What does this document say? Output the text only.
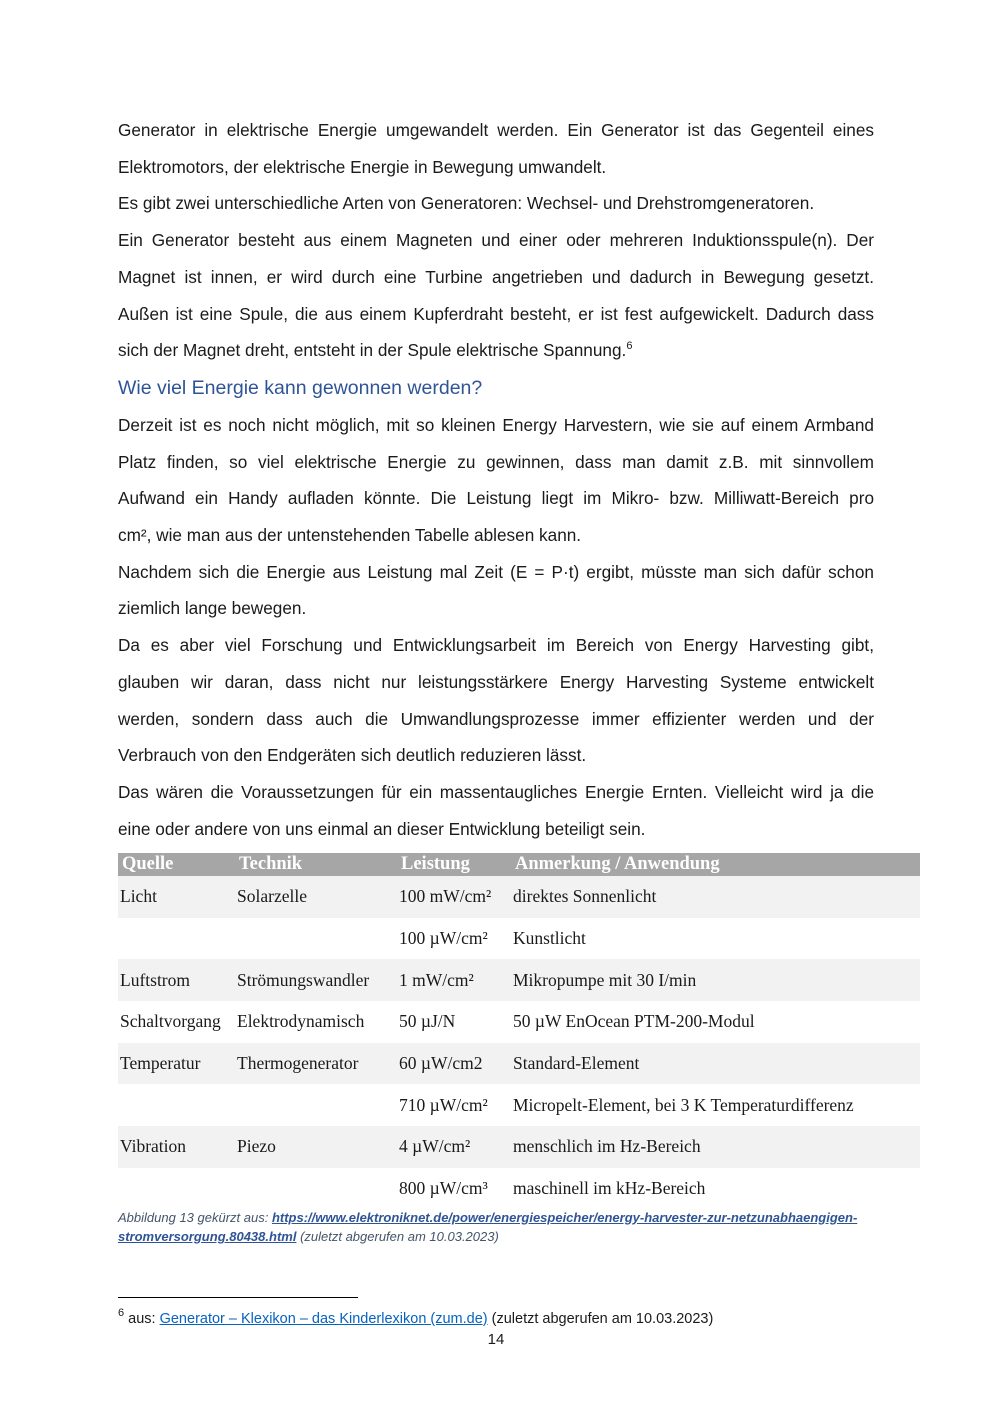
Generator in elektrische Energie umgewandelt werden. Ein Generator ist das Gegenteil eines
Elektromotors, der elektrische Energie in Bewegung umwandelt.

Es gibt zwei unterschiedliche Arten von Generatoren: Wechsel- und Drehstromgeneratoren.
Ein Generator besteht aus einem Magneten und einer oder mehreren Induktionsspule(n). Der
Magnet ist innen, er wird durch eine Turbine angetrieben und dadurch in Bewegung gesetzt.
Außen ist eine Spule, die aus einem Kupferdraht besteht, er ist fest aufgewickelt. Dadurch dass
sich der Magnet dreht, entsteht in der Spule elektrische Spannung.$^6$

Wie viel Energie kann gewonnen werden?

Derzeit ist es noch nicht möglich, mit so kleinen Energy Harvestern, wie sie auf einem Armband
Platz finden, so viel elektrische Energie zu gewinnen, dass man damit z.B. mit sinnvollem
Aufwand ein Handy aufladen könnte. Die Leistung liegt im Mikro- bzw. Milliwatt-Bereich pro
cm², wie man aus der untenstehenden Tabelle ablesen kann.

Nachdem sich die Energie aus Leistung mal Zeit (E = P·t) ergibt, müsste man sich dafür schon
ziemlich lange bewegen.

Da es aber viel Forschung und Entwicklungsarbeit im Bereich von Energy Harvesting gibt,
glauben wir daran, dass nicht nur leistungsstärkere Energy Harvesting Systeme entwickelt
werden, sondern dass auch die Umwandlungsprozesse immer effizienter werden und der
Verbrauch von den Endgeräten sich deutlich reduzieren lässt.

Das wären die Voraussetzungen für ein massentaugliches Energie Ernten. Vielleicht wird ja die
eine oder andere von uns einmal an dieser Entwicklung beteiligt sein.

Quelle	Technik	Leistung	Anmerkung / Anwendung
Licht	Solarzelle	100 mW/cm²	direktes Sonnenlicht
		100 µW/cm²	Kunstlicht
Luftstrom	Strömungswandler	1 mW/cm²	Mikropumpe mit 30 I/min
Schaltvorgang	Elektrodynamisch	50 µJ/N	50 µW EnOcean PTM-200-Modul
Temperatur	Thermogenerator	60 µW/cm2	Standard-Element
		710 µW/cm²	Micropelt-Element, bei 3 K Temperaturdifferenz
Vibration	Piezo	4 µW/cm²	menschlich im Hz-Bereich
		800 µW/cm³	maschinell im kHz-Bereich
Abbildung 13 gekürzt aus: https://www.elektroniknet.de/power/energiespeicher/energy-harvester-zur-netzunabhaengigen-
stromversorgung.80438.html (zuletzt abgerufen am 10.03.2023)
$^6$ aus: Generator – Klexikon – das Kinderlexikon (zum.de) (zuletzt abgerufen am 10.03.2023)
14
